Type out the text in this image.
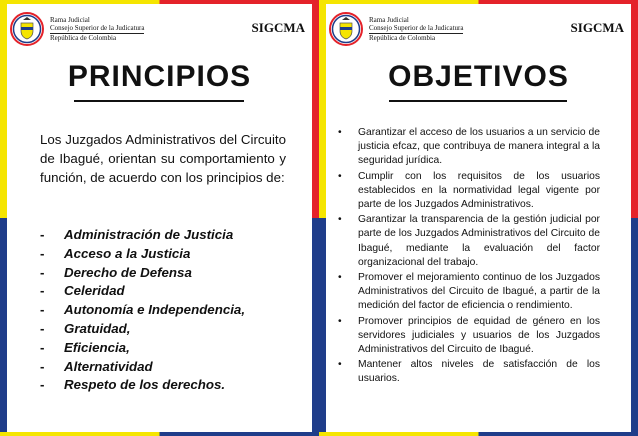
Rama Judicial
Consejo Superior de la Judicatura
República de Colombia
SIGCMA
PRINCIPIOS
Los Juzgados Administrativos del Circuito de Ibagué, orientan su comportamiento y función, de acuerdo con los principios de:
- Administración de Justicia
- Acceso a la Justicia
- Derecho de Defensa
- Celeridad
- Autonomía e Independencia,
- Gratuidad,
- Eficiencia,
- Alternatividad
- Respeto de los derechos.
Rama Judicial
Consejo Superior de la Judicatura
República de Colombia
SIGCMA
OBJETIVOS
• Garantizar el acceso de los usuarios a un servicio de justicia efcaz, que contribuya de manera integral a la seguridad jurídica.
• Cumplir con los requisitos de los usuarios establecidos en la normatividad legal vigente por parte de los Juzgados Administrativos.
• Garantizar la transparencia de la gestión judicial por parte de los Juzgados Administrativos del Circuito de Ibagué, mediante la evaluación del factor organizacional del trabajo.
• Promover el mejoramiento continuo de los Juzgados Administrativos del Circuito de Ibagué, a partir de la medición del factor de eficiencia o rendimiento.
• Promover principios de equidad de género en los servidores judiciales y usuarios de los Juzgados Administrativos del Circuito de Ibagué.
• Mantener altos niveles de satisfacción de los usuarios.
